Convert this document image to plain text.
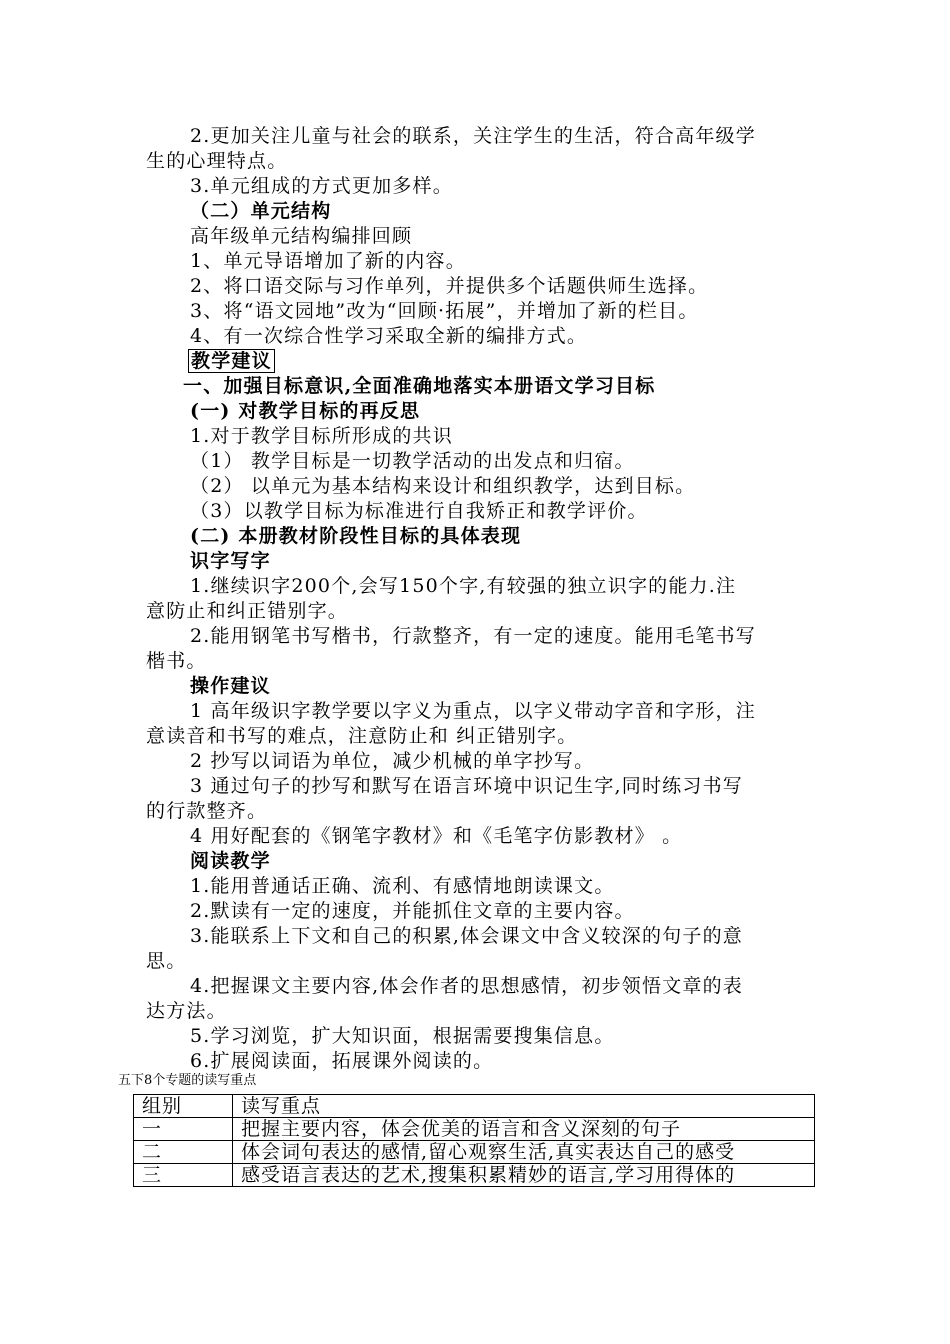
2.更加关注儿童与社会的联系，关注学生的生活，符合高年级学
生的心理特点。
3.单元组成的方式更加多样。
（二）单元结构
高年级单元结构编排回顾
1、单元导语增加了新的内容。
2、将口语交际与习作单列，并提供多个话题供师生选择。
3、将“语文园地”改为“回顾·拓展”，并增加了新的栏目。
4、有一次综合性学习采取全新的编排方式。
教学建议
一、加强目标意识,全面准确地落实本册语文学习目标
(一) 对教学目标的再反思
1.对于教学目标所形成的共识
（1） 教学目标是一切教学活动的出发点和归宿。
（2） 以单元为基本结构来设计和组织教学，达到目标。
（3）以教学目标为标准进行自我矫正和教学评价。
(二) 本册教材阶段性目标的具体表现
识字写字
1.继续识字200个,会写150个字,有较强的独立识字的能力.注
意防止和纠正错别字。
2.能用钢笔书写楷书，行款整齐，有一定的速度。能用毛笔书写
楷书。
操作建议
1 高年级识字教学要以字义为重点，以字义带动字音和字形，注
意读音和书写的难点，注意防止和 纠正错别字。
2 抄写以词语为单位，减少机械的单字抄写。
3 通过句子的抄写和默写在语言环境中识记生字,同时练习书写
的行款整齐。
4 用好配套的《钢笔字教材》和《毛笔字仿影教材》 。
阅读教学
1.能用普通话正确、流利、有感情地朗读课文。
2.默读有一定的速度，并能抓住文章的主要内容。
3.能联系上下文和自己的积累,体会课文中含义较深的句子的意
思。
4.把握课文主要内容,体会作者的思想感情，初步领悟文章的表
达方法。
5.学习浏览，扩大知识面，根据需要搜集信息。
6.扩展阅读面，拓展课外阅读的。
五下8个专题的读写重点
组别	读写重点
一	把握主要内容，体会优美的语言和含义深刻的句子
二	体会词句表达的感情,留心观察生活,真实表达自己的感受
三	感受语言表达的艺术,搜集积累精妙的语言,学习用得体的
